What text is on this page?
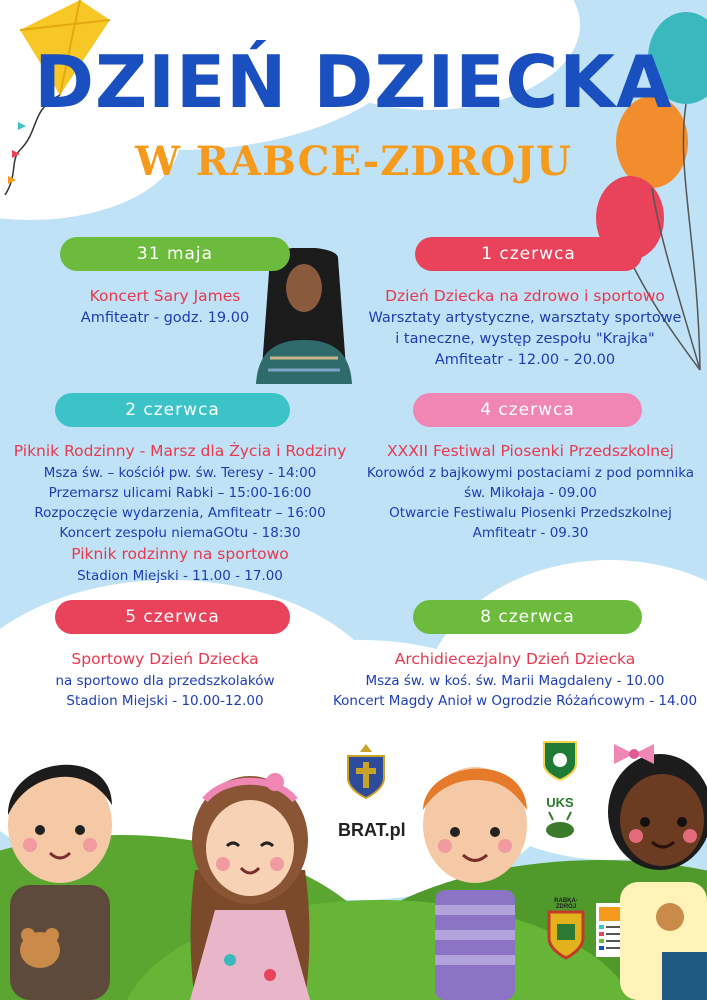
DZIEŃ DZIECKA
W RABCE-ZDROJU
31 maja
Koncert Sary James
Amfiteatr - godz. 19.00
1 czerwca
Dzień Dziecka na zdrowo i sportowo
Warsztaty artystyczne, warsztaty sportowe
i taneczne, występ zespołu "Krajka"
Amfiteatr - 12.00 - 20.00
2 czerwca
Piknik Rodzinny - Marsz dla Życia i Rodziny
Msza św. – kościół pw. św. Teresy - 14:00
Przemarsz ulicami Rabki – 15:00-16:00
Rozpoczęcie wydarzenia, Amfiteatr – 16:00
Koncert zespołu niemaGOtu - 18:30
Piknik rodzinny na sportowo
Stadion Miejski - 11.00 - 17.00
4 czerwca
XXXII Festiwal Piosenki Przedszkolnej
Korowód z bajkowymi postaciami z pod pomnika
św. Mikołaja - 09.00
Otwarcie Festiwalu Piosenki Przedszkolnej
Amfiteatr - 09.30
5 czerwca
Sportowy Dzień Dziecka
na sportowo dla przedszkolaków
Stadion Miejski - 10.00-12.00
8 czerwca
Archidiecezjalny Dzień Dziecka
Msza św. w koś. św. Marii Magdaleny - 10.00
Koncert Magdy Anioł w Ogrodzie Różańcowym - 14.00
BRAT.pl
UKS
RABKA-ZDRÓJ
